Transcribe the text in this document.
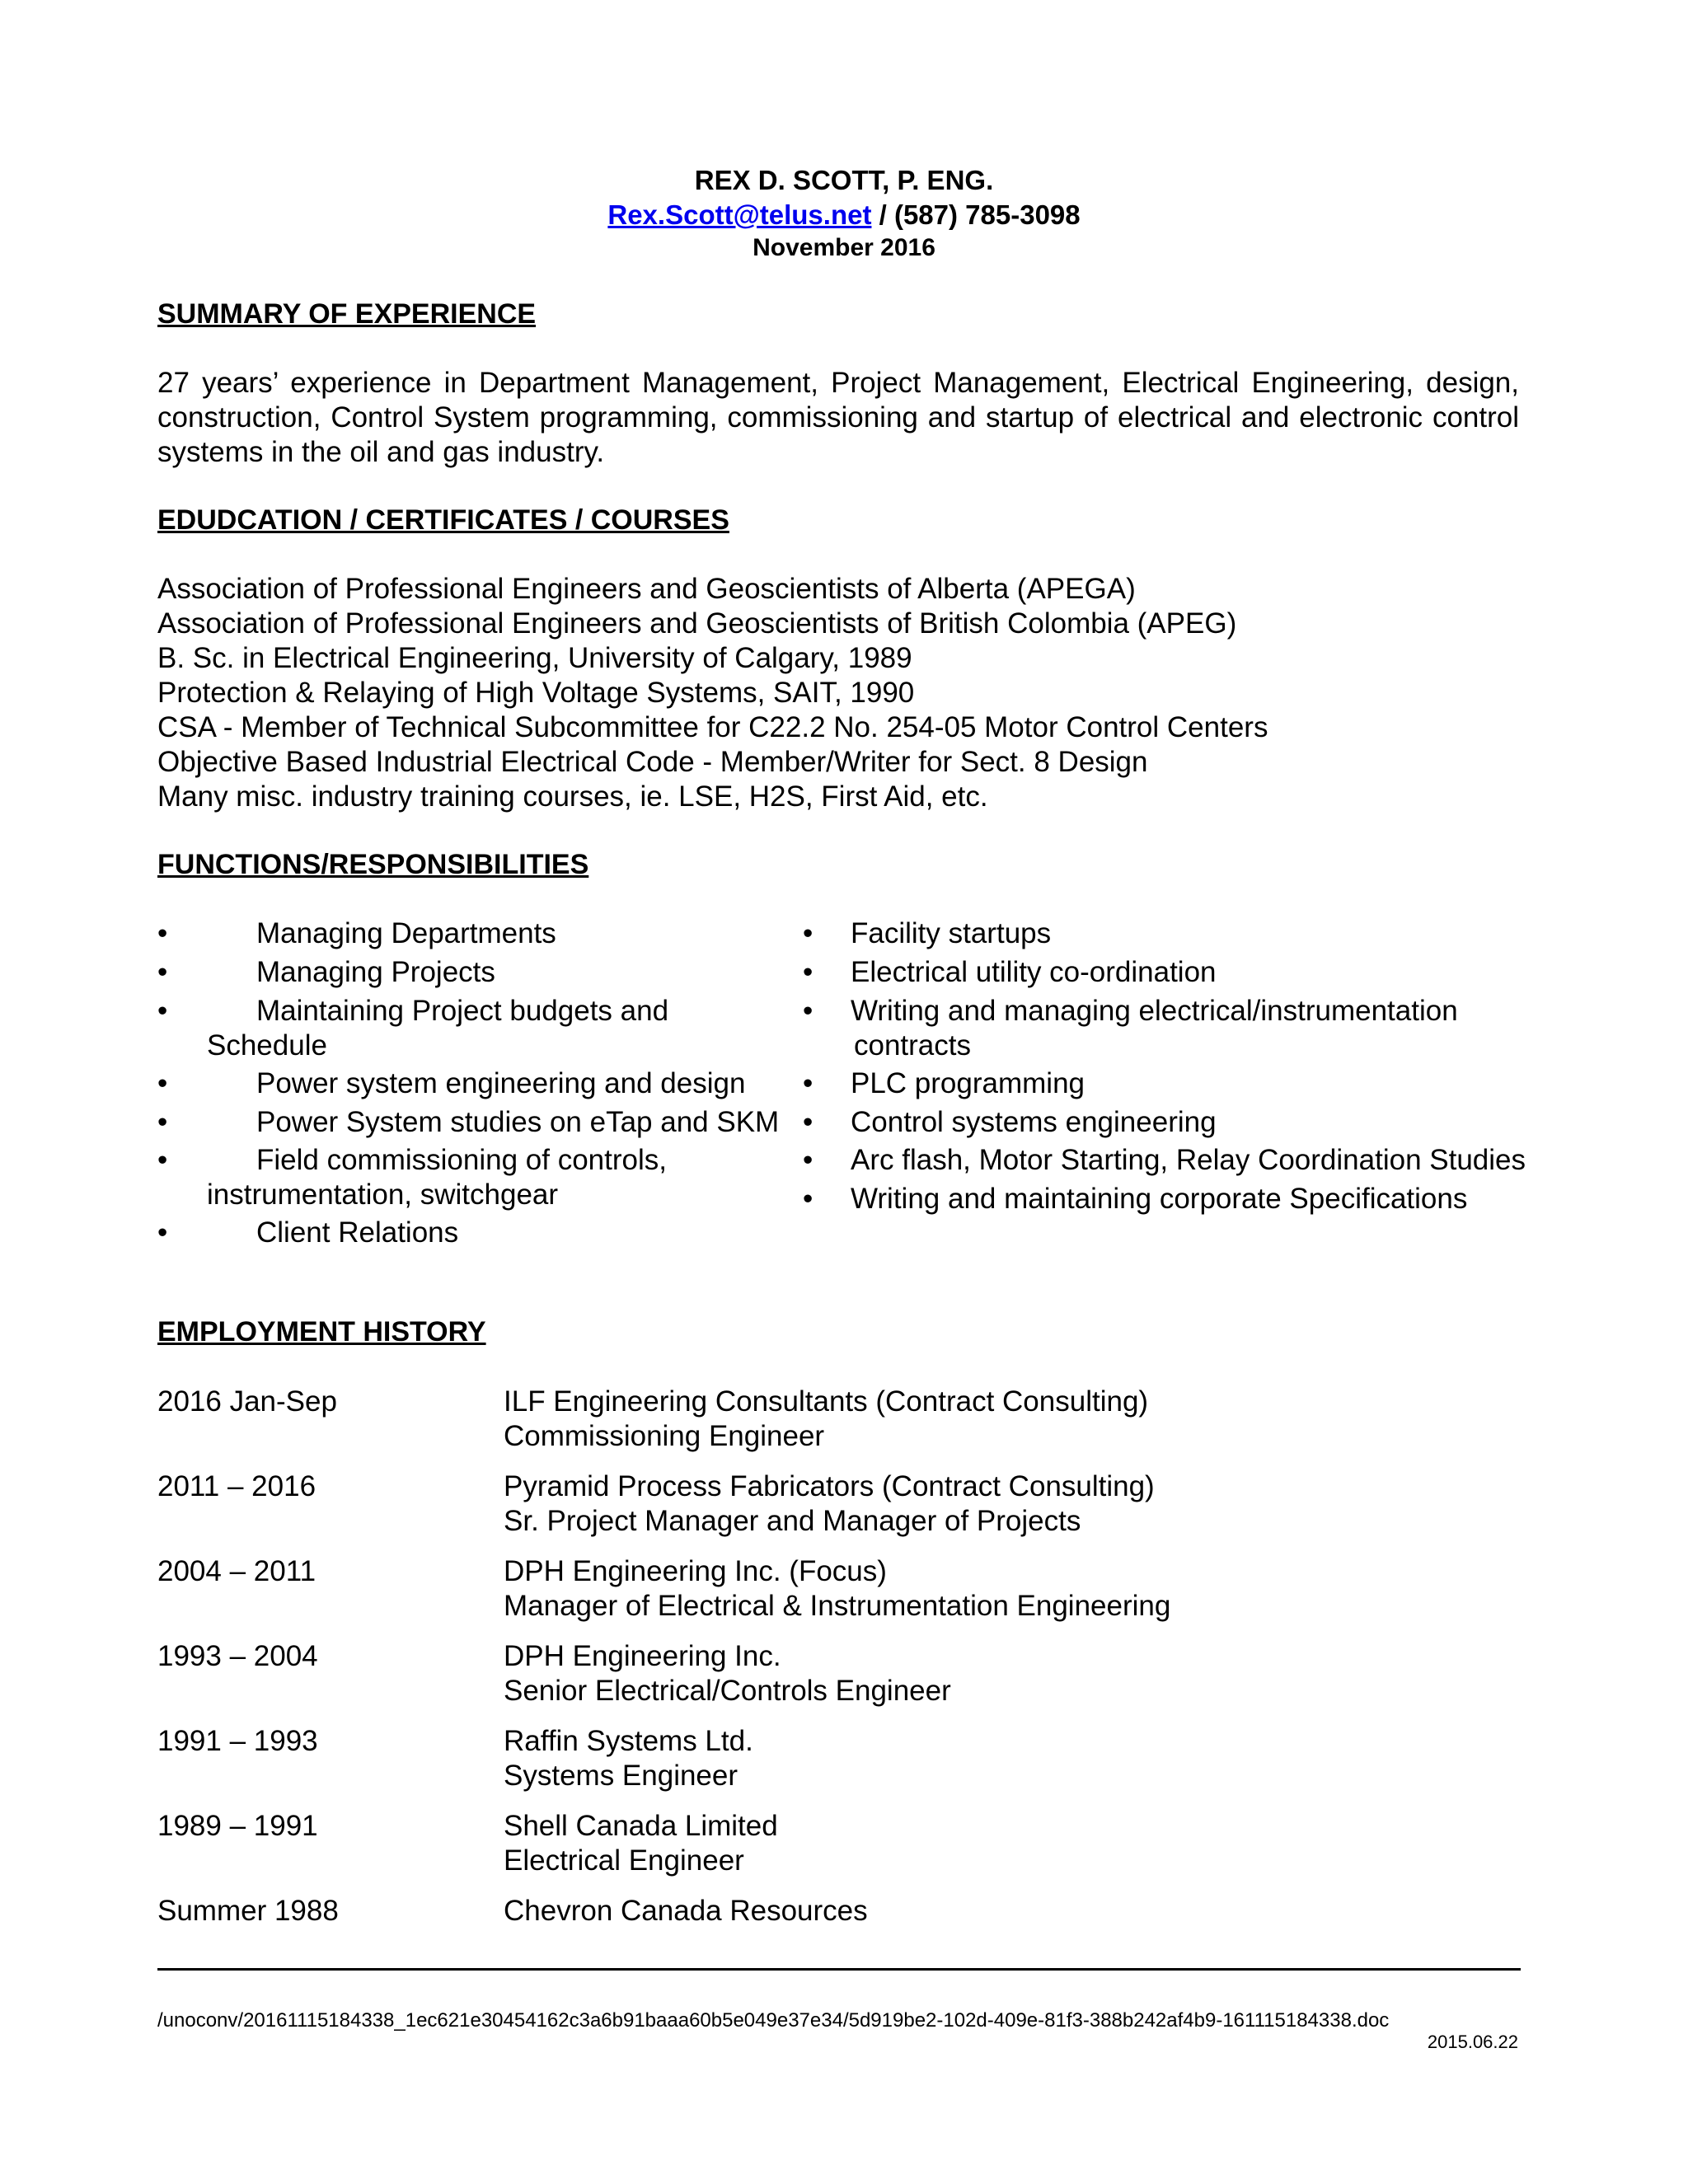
REX D. SCOTT, P. ENG.
Rex.Scott@telus.net / (587) 785-3098
November 2016
SUMMARY OF EXPERIENCE
27 years’ experience in Department Management, Project Management, Electrical Engineering, design, construction, Control System programming, commissioning and startup of electrical and electronic control systems in the oil and gas industry.
EDUDCATION / CERTIFICATES / COURSES
Association of Professional Engineers and Geoscientists of Alberta (APEGA)
Association of Professional Engineers and Geoscientists of British Colombia (APEG)
B. Sc. in Electrical Engineering, University of Calgary, 1989
Protection & Relaying of High Voltage Systems, SAIT, 1990
CSA - Member of Technical Subcommittee for C22.2 No. 254-05 Motor Control Centers
Objective Based Industrial Electrical Code - Member/Writer for Sect. 8 Design
Many misc. industry training courses, ie. LSE, H2S, First Aid, etc.
FUNCTIONS/RESPONSIBILITIES
•	Managing Departments
•	Managing Projects
•	Maintaining Project budgets and
Schedule
•	Power system engineering and design
•	Power System studies on eTap and SKM
•	Field commissioning of controls,
instrumentation, switchgear
•	Client Relations
• Facility startups
• Electrical utility co-ordination
• Writing and managing electrical/instrumentation
contracts
• PLC programming
• Control systems engineering
• Arc flash, Motor Starting, Relay Coordination Studies
• Writing and maintaining corporate Specifications
EMPLOYMENT HISTORY
2016 Jan-Sep	ILF Engineering Consultants (Contract Consulting)
Commissioning Engineer
2011 – 2016	Pyramid Process Fabricators (Contract Consulting)
Sr. Project Manager and Manager of Projects
2004 – 2011	DPH Engineering Inc. (Focus)
Manager of Electrical & Instrumentation Engineering
1993 – 2004	DPH Engineering Inc.
Senior Electrical/Controls Engineer
1991 – 1993	Raffin Systems Ltd.
Systems Engineer
1989 – 1991	Shell Canada Limited
Electrical Engineer
Summer 1988	Chevron Canada Resources
/unoconv/20161115184338_1ec621e30454162c3a6b91baaa60b5e049e37e34/5d919be2-102d-409e-81f3-388b242af4b9-161115184338.doc
2015.06.22
